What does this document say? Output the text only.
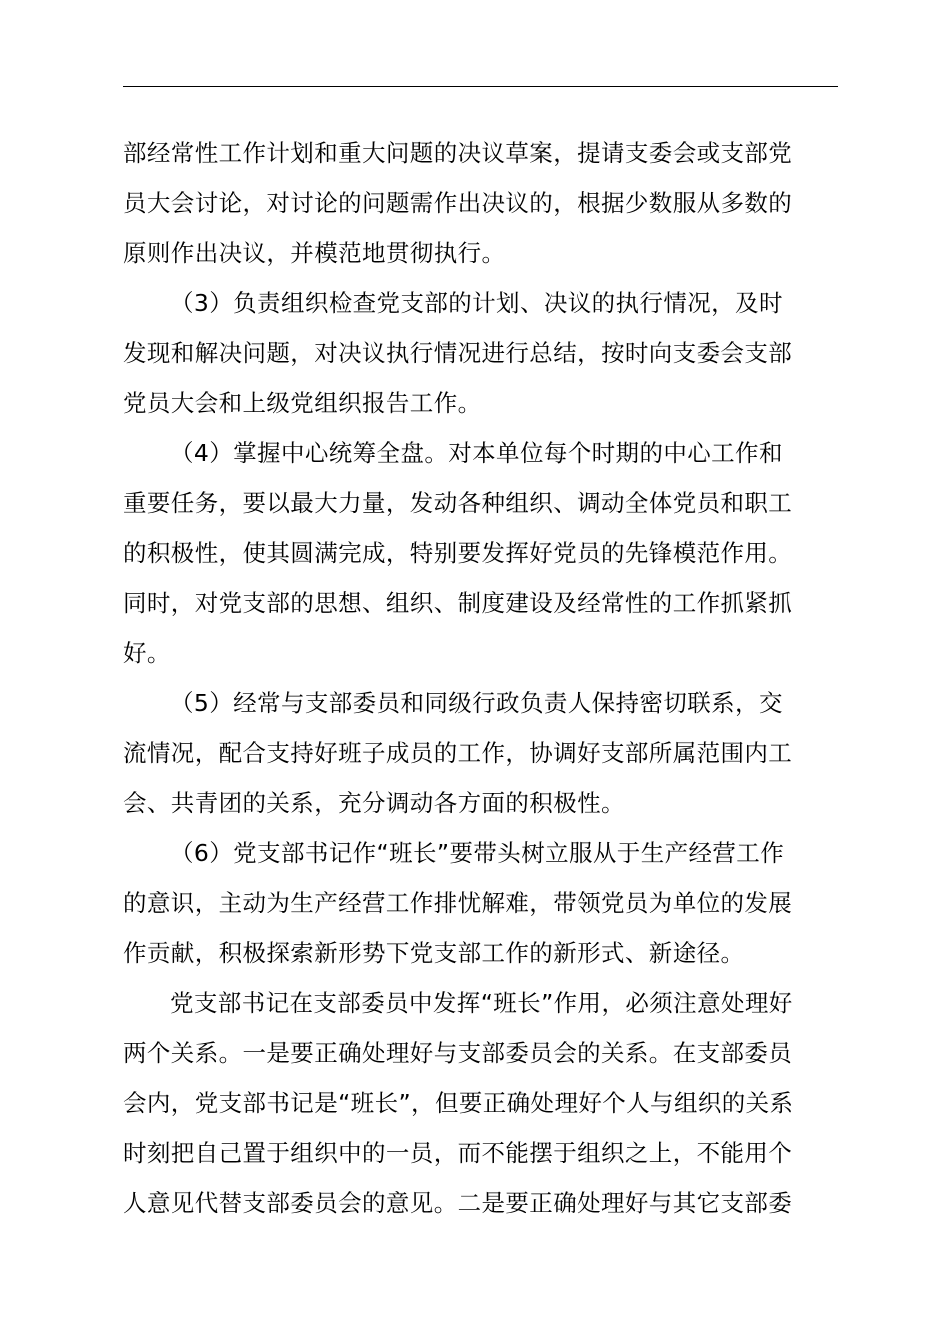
部经常性工作计划和重大问题的决议草案，提请支委会或支部党
员大会讨论，对讨论的问题需作出决议的，根据少数服从多数的
原则作出决议，并模范地贯彻执行。
（3）负责组织检查党支部的计划、决议的执行情况，及时
发现和解决问题，对决议执行情况进行总结，按时向支委会支部
党员大会和上级党组织报告工作。
（4）掌握中心统筹全盘。对本单位每个时期的中心工作和
重要任务，要以最大力量，发动各种组织、调动全体党员和职工
的积极性，使其圆满完成，特别要发挥好党员的先锋模范作用。
同时，对党支部的思想、组织、制度建设及经常性的工作抓紧抓
好。
（5）经常与支部委员和同级行政负责人保持密切联系，交
流情况，配合支持好班子成员的工作，协调好支部所属范围内工
会、共青团的关系，充分调动各方面的积极性。
（6）党支部书记作“班长”要带头树立服从于生产经营工作
的意识，主动为生产经营工作排忧解难，带领党员为单位的发展
作贡献，积极探索新形势下党支部工作的新形式、新途径。
党支部书记在支部委员中发挥“班长”作用，必须注意处理好
两个关系。一是要正确处理好与支部委员会的关系。在支部委员
会内，党支部书记是“班长”，但要正确处理好个人与组织的关系
时刻把自己置于组织中的一员，而不能摆于组织之上，不能用个
人意见代替支部委员会的意见。二是要正确处理好与其它支部委
